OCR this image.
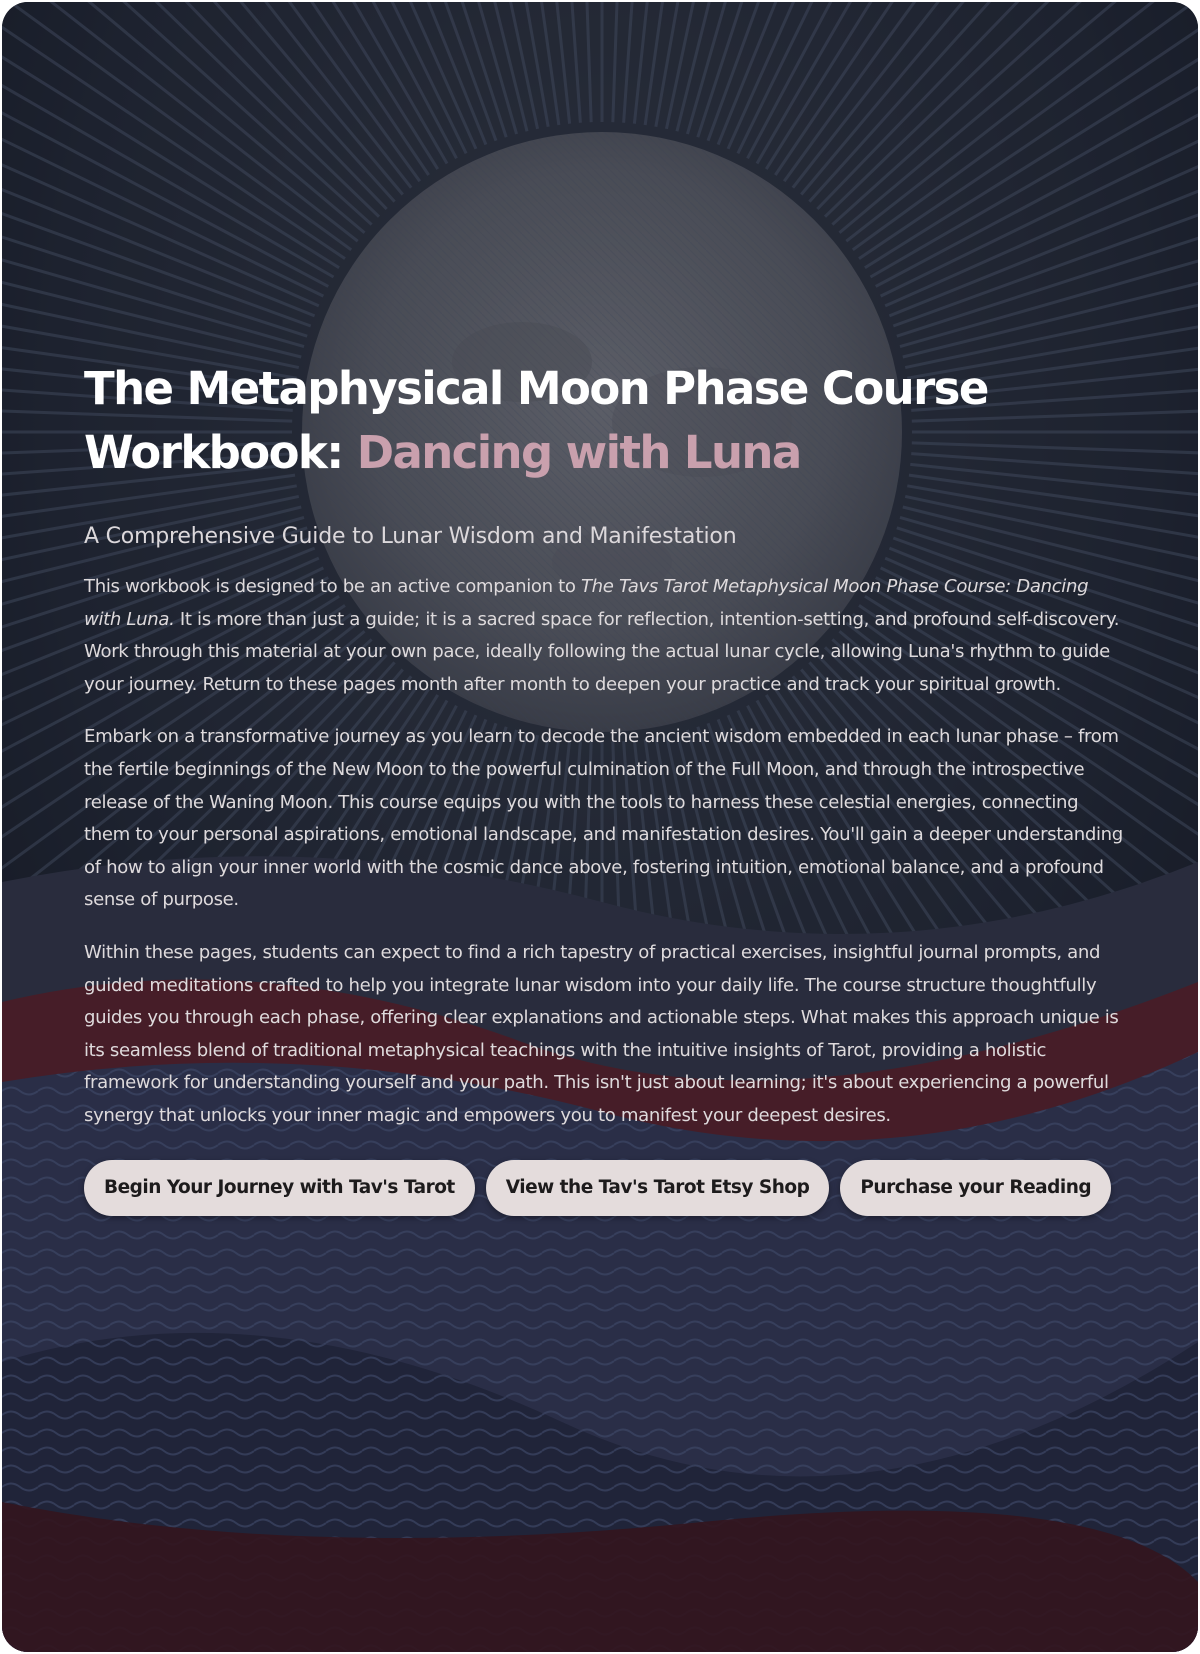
The Metaphysical Moon Phase Course Workbook: Dancing with Luna
A Comprehensive Guide to Lunar Wisdom and Manifestation

This workbook is designed to be an active companion to The Tavs Tarot Metaphysical Moon Phase Course: Dancing with Luna. It is more than just a guide; it is a sacred space for reflection, intention-setting, and profound self-discovery. Work through this material at your own pace, ideally following the actual lunar cycle, allowing Luna's rhythm to guide your journey. Return to these pages month after month to deepen your practice and track your spiritual growth.

Embark on a transformative journey as you learn to decode the ancient wisdom embedded in each lunar phase – from the fertile beginnings of the New Moon to the powerful culmination of the Full Moon, and through the introspective release of the Waning Moon. This course equips you with the tools to harness these celestial energies, connecting them to your personal aspirations, emotional landscape, and manifestation desires. You'll gain a deeper understanding of how to align your inner world with the cosmic dance above, fostering intuition, emotional balance, and a profound sense of purpose.

Within these pages, students can expect to find a rich tapestry of practical exercises, insightful journal prompts, and guided meditations crafted to help you integrate lunar wisdom into your daily life. The course structure thoughtfully guides you through each phase, offering clear explanations and actionable steps. What makes this approach unique is its seamless blend of traditional metaphysical teachings with the intuitive insights of Tarot, providing a holistic framework for understanding yourself and your path. This isn't just about learning; it's about experiencing a powerful synergy that unlocks your inner magic and empowers you to manifest your deepest desires.

Begin Your Journey with Tav's Tarot	View the Tav's Tarot Etsy Shop	Purchase your Reading
